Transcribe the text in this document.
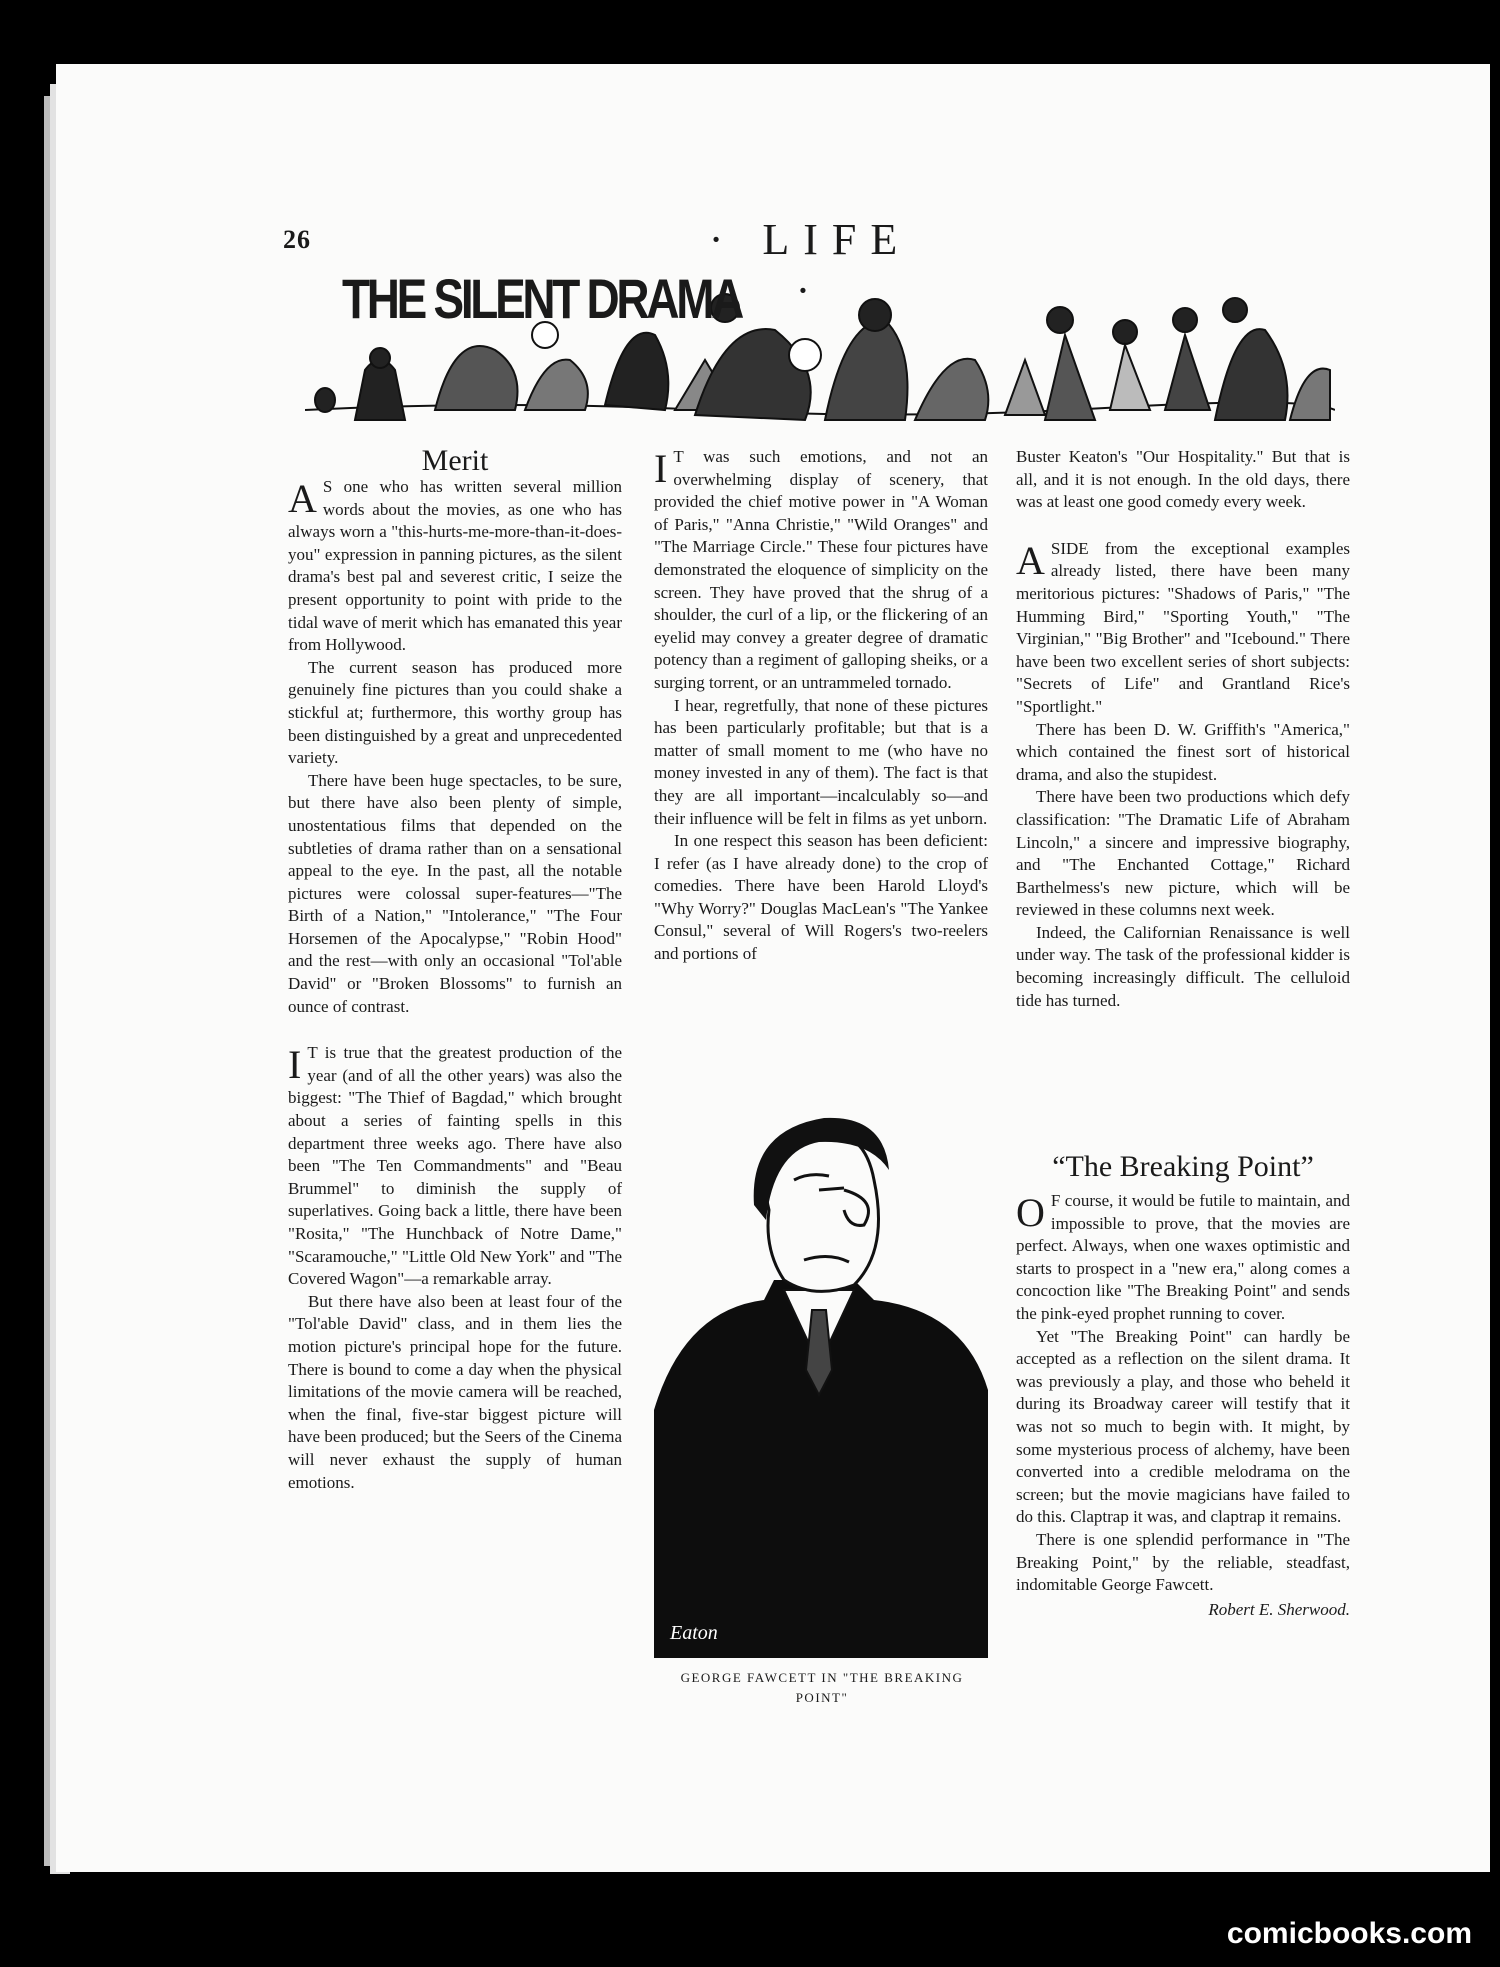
26	· LIFE ·
THE SILENT DRAMA
Merit

A S one who has written several million words about the movies, as one who has always worn a "this-hurts-me-more-than-it-does-you" expression in panning pictures, as the silent drama's best pal and severest critic, I seize the present opportunity to point with pride to the tidal wave of merit which has emanated this year from Hollywood.

The current season has produced more genuinely fine pictures than you could shake a stickful at; furthermore, this worthy group has been distinguished by a great and unprecedented variety.

There have been huge spectacles, to be sure, but there have also been plenty of simple, unostentatious films that depended on the subtleties of drama rather than on a sensational appeal to the eye. In the past, all the notable pictures were colossal super-features—"The Birth of a Nation," "Intolerance," "The Four Horsemen of the Apocalypse," "Robin Hood" and the rest—with only an occasional "Tol'able David" or "Broken Blossoms" to furnish an ounce of contrast.

I T is true that the greatest production of the year (and of all the other years) was also the biggest: "The Thief of Bagdad," which brought about a series of fainting spells in this department three weeks ago. There have also been "The Ten Commandments" and "Beau Brummel" to diminish the supply of superlatives. Going back a little, there have been "Rosita," "The Hunchback of Notre Dame," "Scaramouche," "Little Old New York" and "The Covered Wagon"—a remarkable array.

But there have also been at least four of the "Tol'able David" class, and in them lies the motion picture's principal hope for the future. There is bound to come a day when the physical limitations of the movie camera will be reached, when the final, five-star biggest picture will have been produced; but the Seers of the Cinema will never exhaust the supply of human emotions.

I T was such emotions, and not an overwhelming display of scenery, that provided the chief motive power in "A Woman of Paris," "Anna Christie," "Wild Oranges" and "The Marriage Circle." These four pictures have demonstrated the eloquence of simplicity on the screen. They have proved that the shrug of a shoulder, the curl of a lip, or the flickering of an eyelid may convey a greater degree of dramatic potency than a regiment of galloping sheiks, or a surging torrent, or an untrammeled tornado.

I hear, regretfully, that none of these pictures has been particularly profitable; but that is a matter of small moment to me (who have no money invested in any of them). The fact is that they are all important—incalculably so—and their influence will be felt in films as yet unborn.

In one respect this season has been deficient: I refer (as I have already done) to the crop of comedies. There have been Harold Lloyd's "Why Worry?" Douglas MacLean's "The Yankee Consul," several of Will Rogers's two-reelers and portions of

Eaton
GEORGE FAWCETT IN "THE BREAKING POINT"

Buster Keaton's "Our Hospitality." But that is all, and it is not enough. In the old days, there was at least one good comedy every week.

ASIDE from the exceptional examples already listed, there have been many meritorious pictures: "Shadows of Paris," "The Humming Bird," "Sporting Youth," "The Virginian," "Big Brother" and "Icebound." There have been two excellent series of short subjects: "Secrets of Life" and Grantland Rice's "Sportlight."

There has been D. W. Griffith's "America," which contained the finest sort of historical drama, and also the stupidest.

There have been two productions which defy classification: "The Dramatic Life of Abraham Lincoln," a sincere and impressive biography, and "The Enchanted Cottage," Richard Barthelmess's new picture, which will be reviewed in these columns next week.

Indeed, the Californian Renaissance is well under way. The task of the professional kidder is becoming increasingly difficult. The celluloid tide has turned.

“The Breaking Point”

O F course, it would be futile to maintain, and impossible to prove, that the movies are perfect. Always, when one waxes optimistic and starts to prospect in a "new era," along comes a concoction like "The Breaking Point" and sends the pink-eyed prophet running to cover.

Yet "The Breaking Point" can hardly be accepted as a reflection on the silent drama. It was previously a play, and those who beheld it during its Broadway career will testify that it was not so much to begin with. It might, by some mysterious process of alchemy, have been converted into a credible melodrama on the screen; but the movie magicians have failed to do this. Claptrap it was, and claptrap it remains.

There is one splendid performance in "The Breaking Point," by the reliable, steadfast, indomitable George Fawcett.

Robert E. Sherwood.

comicbooks.com
